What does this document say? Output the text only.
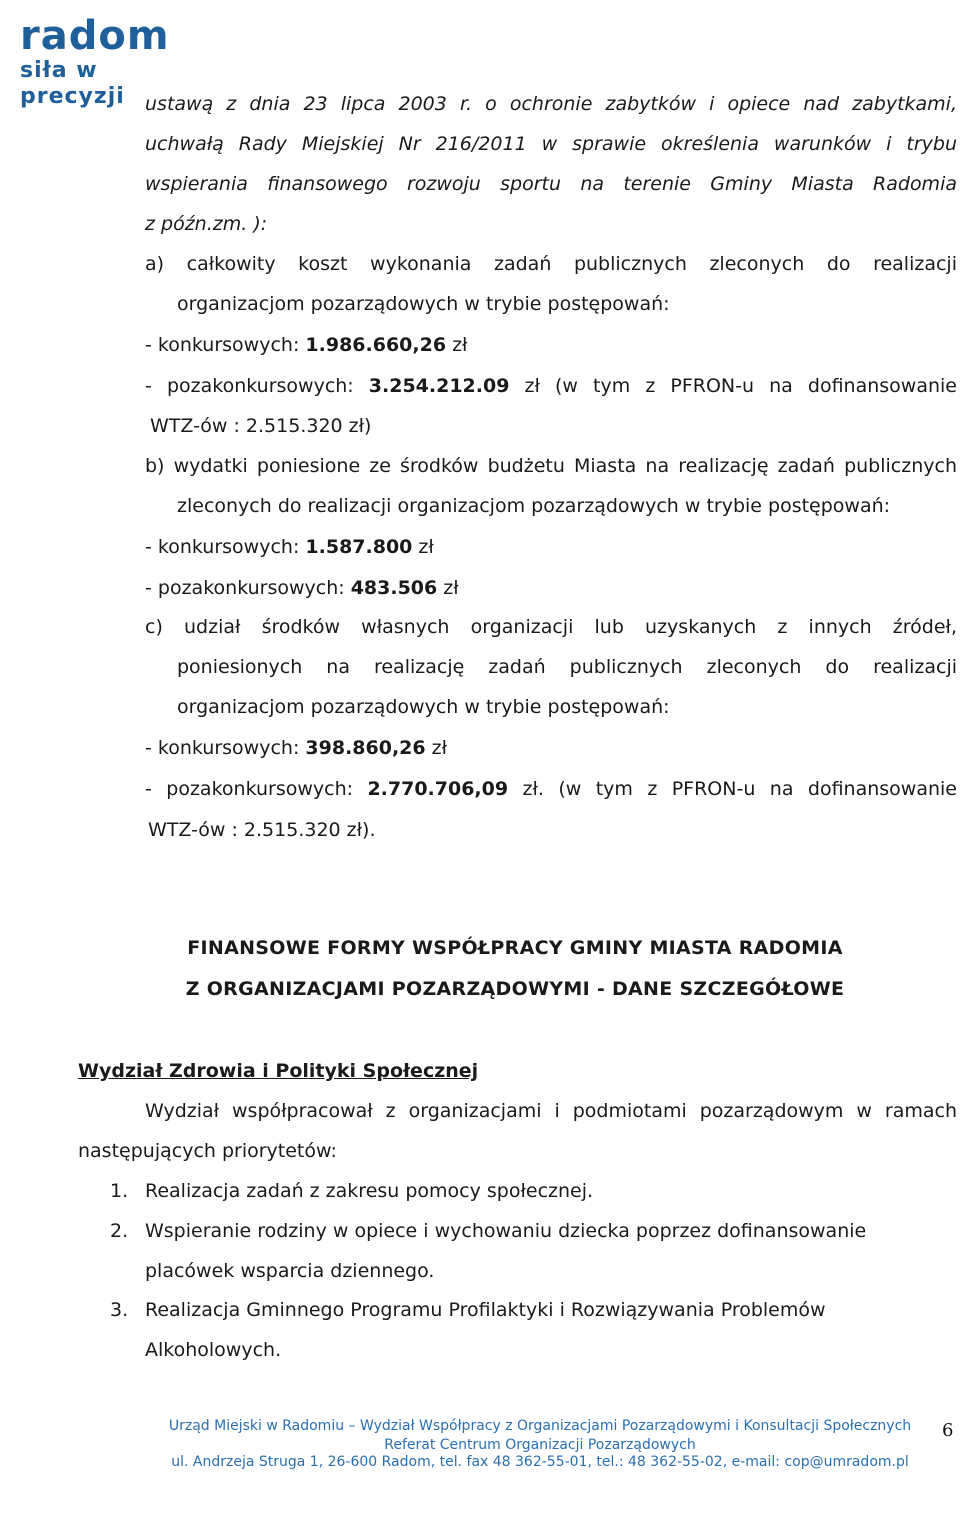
radom
siła w precyzji	ustawą z dnia 23 lipca 2003 r. o ochronie zabytków i opiece nad zabytkami,
uchwałą Rady Miejskiej Nr 216/2011 w sprawie określenia warunków i trybu
wspierania finansowego rozwoju sportu na terenie Gminy Miasta Radomia
z późn.zm. ):
a) całkowity koszt wykonania zadań publicznych zleconych do realizacji
organizacjom pozarządowych w trybie postępowań:
- konkursowych: 1.986.660,26 zł
- pozakonkursowych: 3.254.212.09 zł (w tym z PFRON-u na dofinansowanie
WTZ-ów : 2.515.320 zł)
b) wydatki poniesione ze środków budżetu Miasta na realizację zadań publicznych
zleconych do realizacji organizacjom pozarządowych w trybie postępowań:
- konkursowych: 1.587.800 zł
- pozakonkursowych: 483.506 zł
c) udział środków własnych organizacji lub uzyskanych z innych źródeł,
poniesionych na realizację zadań publicznych zleconych do realizacji
organizacjom pozarządowych w trybie postępowań:
- konkursowych: 398.860,26 zł
- pozakonkursowych: 2.770.706,09 zł. (w tym z PFRON-u na dofinansowanie
WTZ-ów : 2.515.320 zł).
FINANSOWE FORMY WSPÓŁPRACY GMINY MIASTA RADOMIA
Z ORGANIZACJAMI POZARZĄDOWYMI - DANE SZCZEGÓŁOWE
Wydział Zdrowia i Polityki Społecznej
Wydział współpracował z organizacjami i podmiotami pozarządowym w ramach
następujących priorytetów:
1. Realizacja zadań z zakresu pomocy społecznej.
2. Wspieranie rodziny w opiece i wychowaniu dziecka poprzez dofinansowanie
placówek wsparcia dziennego.
3. Realizacja Gminnego Programu Profilaktyki i Rozwiązywania Problemów
Alkoholowych.
Urząd Miejski w Radomiu – Wydział Współpracy z Organizacjami Pozarządowymi i Konsultacji Społecznych
Referat Centrum Organizacji Pozarządowych
ul. Andrzeja Struga 1, 26-600 Radom, tel. fax 48 362-55-01, tel.: 48 362-55-02, e-mail: cop@umradom.pl
6
